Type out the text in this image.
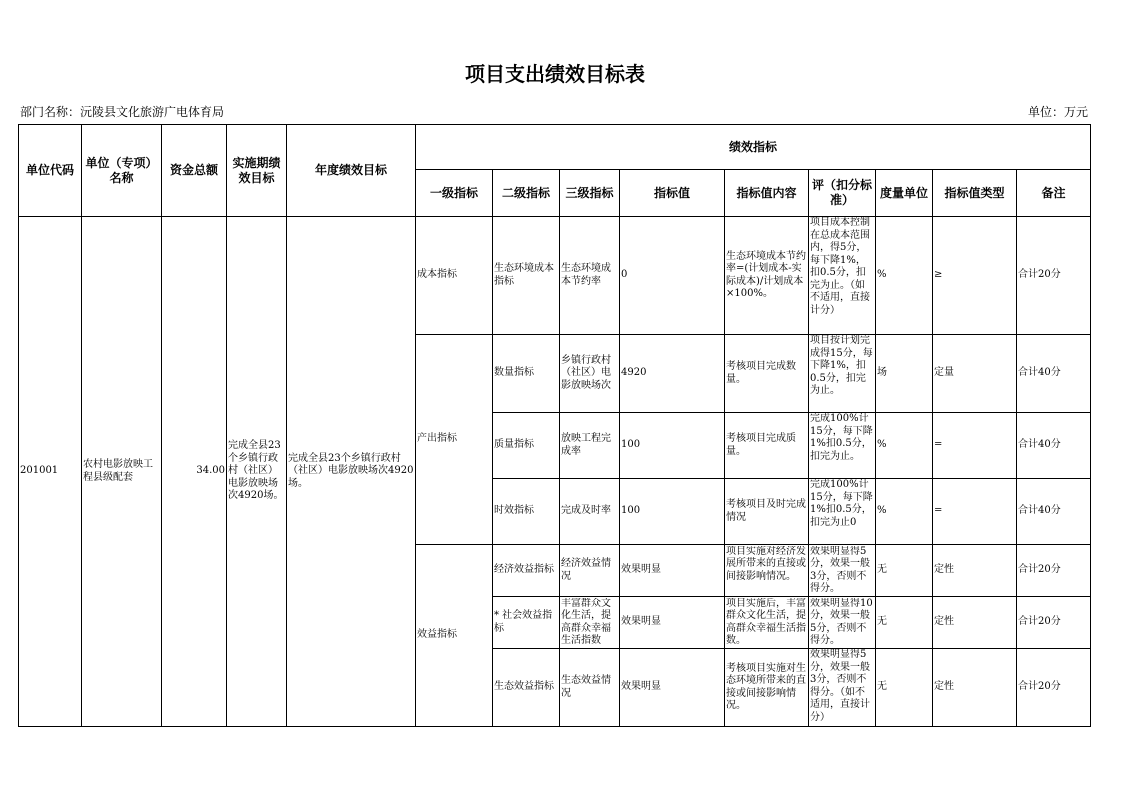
项目支出绩效目标表
部门名称：沅陵县文化旅游广电体育局	单位：万元
单位代码	单位（专项）名称	资金总额	实施期绩效目标	年度绩效目标	绩效指标								
					一级指标	二级指标	三级指标	指标值	指标值内容	评（扣分标准）	度量单位	指标值类型	备注
201001	农村电影放映工程县级配套	34.00	完成全县23个乡镇行政村（社区）电影放映场次4920场。	完成全县23个乡镇行政村（社区）电影放映场次4920场。	成本指标	生态环境成本指标	生态环境成本节约率	0	生态环境成本节约率=(计划成本-实际成本)/计划成本×100%。	项目成本控制在总成本范围内，得5分，每下降1%，扣0.5分，扣完为止。（如不适用，直接计分）	%	≥	合计20分
					产出指标	数量指标	乡镇行政村（社区）电影放映场次	4920	考核项目完成数量。	项目按计划完成得15分，每下降1%，扣0.5分，扣完为止。	场	定量	合计40分
						质量指标	放映工程完成率	100	考核项目完成质量。	完成100%计15分，每下降1%扣0.5分，扣完为止。	%	=	合计40分
						时效指标	完成及时率	100	考核项目及时完成情况	完成100%计15分，每下降1%扣0.5分，扣完为止0	%	=	合计40分
					效益指标	经济效益指标	经济效益情况	效果明显	项目实施对经济发展所带来的直接或间接影响情况。	效果明显得5分，效果一般3分，否则不得分。	无	定性	合计20分
						* 社会效益指标	丰富群众文化生活，提高群众幸福生活指数	效果明显	项目实施后，丰富群众文化生活，提高群众幸福生活指数。	效果明显得10分，效果一般5分，否则不得分。	无	定性	合计20分
						生态效益指标	生态效益情况	效果明显	考核项目实施对生态环境所带来的直接或间接影响情况。	效果明显得5分，效果一般3分，否则不得分。（如不适用，直接计分）	无	定性	合计20分
